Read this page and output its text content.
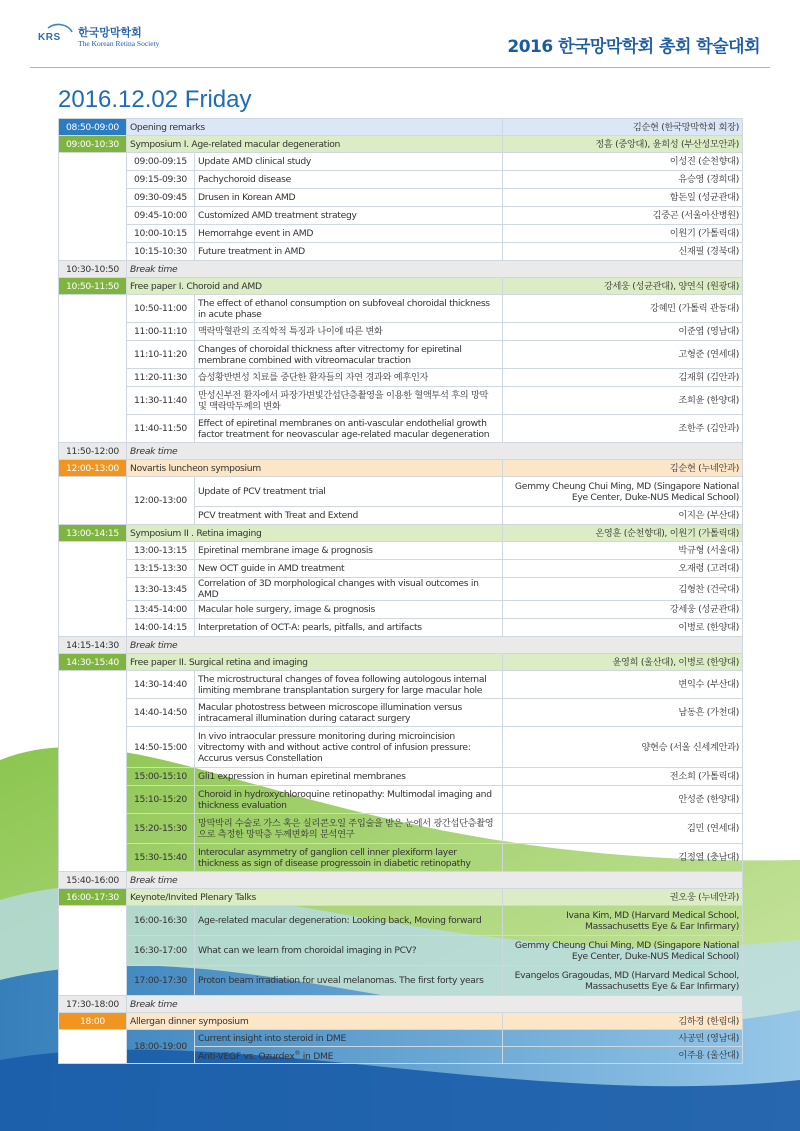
KRS 한국망막학회
The Korean Retina Society	2016 한국망막학회 총회 학술대회
2016.12.02 Friday
08:50-09:00	Opening remarks		김순현 (한국망막학회 회장)
09:00-10:30	Symposium I. Age-related macular degeneration		정흠 (중앙대), 윤희성 (부산성모안과)
	09:00-09:15	Update AMD clinical study	이성진 (순천향대)
	09:15-09:30	Pachychoroid disease	유승영 (경희대)
	09:30-09:45	Drusen in Korean AMD	함돈일 (성균관대)
	09:45-10:00	Customized AMD treatment strategy	김중곤 (서울아산병원)
	10:00-10:15	Hemorrahge event in AMD	이원기 (가톨릭대)
	10:15-10:30	Future treatment in AMD	신재필 (경북대)
10:30-10:50	Break time		
10:50-11:50	Free paper I. Choroid and AMD		강세웅 (성균관대), 양연식 (원광대)
	10:50-11:00	The effect of ethanol consumption on subfoveal choroidal thickness in acute phase	강혜민 (가톨릭 관동대)
	11:00-11:10	맥락막혈관의 조직학적 특징과 나이에 따른 변화	이준엽 (영남대)
	11:10-11:20	Changes of choroidal thickness after vitrectomy for epiretinal membrane combined with vitreomacular traction	고형준 (연세대)
	11:20-11:30	습성황반변성 치료를 중단한 환자들의 자연 경과와 예후인자	김재휘 (김안과)
	11:30-11:40	만성신부전 환자에서 파장가변빛간섭단층촬영을 이용한 혈액투석 후의 망막 및 맥락막두께의 변화	조희윤 (한양대)
	11:40-11:50	Effect of epiretinal membranes on anti-vascular endothelial growth factor treatment for neovascular age-related macular degeneration	조한주 (김안과)
11:50-12:00	Break time		
12:00-13:00	Novartis luncheon symposium		김순현 (누네안과)
	12:00-13:00	Update of PCV treatment trial	Gemmy Cheung Chui Ming, MD (Singapore National Eye Center, Duke-NUS Medical School)
		PCV treatment with Treat and Extend	이지은 (부산대)
13:00-14:15	Symposium II . Retina imaging		온영훈 (순천향대), 이원기 (가톨릭대)
	13:00-13:15	Epiretinal membrane image & prognosis	박규형 (서울대)
	13:15-13:30	New OCT guide in AMD treatment	오재령 (고려대)
	13:30-13:45	Correlation of 3D morphological changes with visual outcomes in AMD	김형찬 (건국대)
	13:45-14:00	Macular hole surgery, image & prognosis	강세웅 (성균관대)
	14:00-14:15	Interpretation of OCT-A: pearls, pitfalls, and artifacts	이병로 (한양대)
14:15-14:30	Break time		
14:30-15:40	Free paper II. Surgical retina and imaging		윤영희 (울산대), 이병로 (한양대)
	14:30-14:40	The microstructural changes of fovea following autologous internal limiting membrane transplantation surgery for large macular hole	변익수 (부산대)
	14:40-14:50	Macular photostress between microscope illumination versus intracameral illumination during cataract surgery	남동흔 (가천대)
	14:50-15:00	In vivo intraocular pressure monitoring during microincision vitrectomy with and without active control of infusion pressure: Accurus versus Constellation	양현승 (서울 신세계안과)
	15:00-15:10	Gli1 expression in human epiretinal membranes	전소희 (가톨릭대)
	15:10-15:20	Choroid in hydroxychloroquine retinopathy: Multimodal imaging and thickness evaluation	안성준 (한양대)
	15:20-15:30	망막박리 수술로 가스 혹은 실리콘오일 주입술을 받은 눈에서 광간섭단층촬영으로 측정한 망막층 두께변화의 분석연구	김민 (연세대)
	15:30-15:40	Interocular asymmetry of ganglion cell inner plexiform layer thickness as sign of disease progressoin in diabetic retinopathy	김정열 (충남대)
15:40-16:00	Break time		
16:00-17:30	Keynote/Invited Plenary Talks		권오웅 (누네안과)
	16:00-16:30	Age-related macular degeneration: Looking back, Moving forward	Ivana Kim, MD (Harvard Medical School, Massachusetts Eye & Ear Infirmary)
	16:30-17:00	What can we learn from choroidal imaging in PCV?	Gemmy Cheung Chui Ming, MD (Singapore National Eye Center, Duke-NUS Medical School)
	17:00-17:30	Proton beam irradiation for uveal melanomas. The first forty years	Evangelos Gragoudas, MD (Harvard Medical School, Massachusetts Eye & Ear Infirmary)
17:30-18:00	Break time		
18:00	Allergan dinner symposium		김하경 (한림대)
	18:00-19:00	Current insight into steroid in DME	사공민 (영남대)
		Anti-VEGF vs. Ozurdex® in DME	이주용 (울산대)
